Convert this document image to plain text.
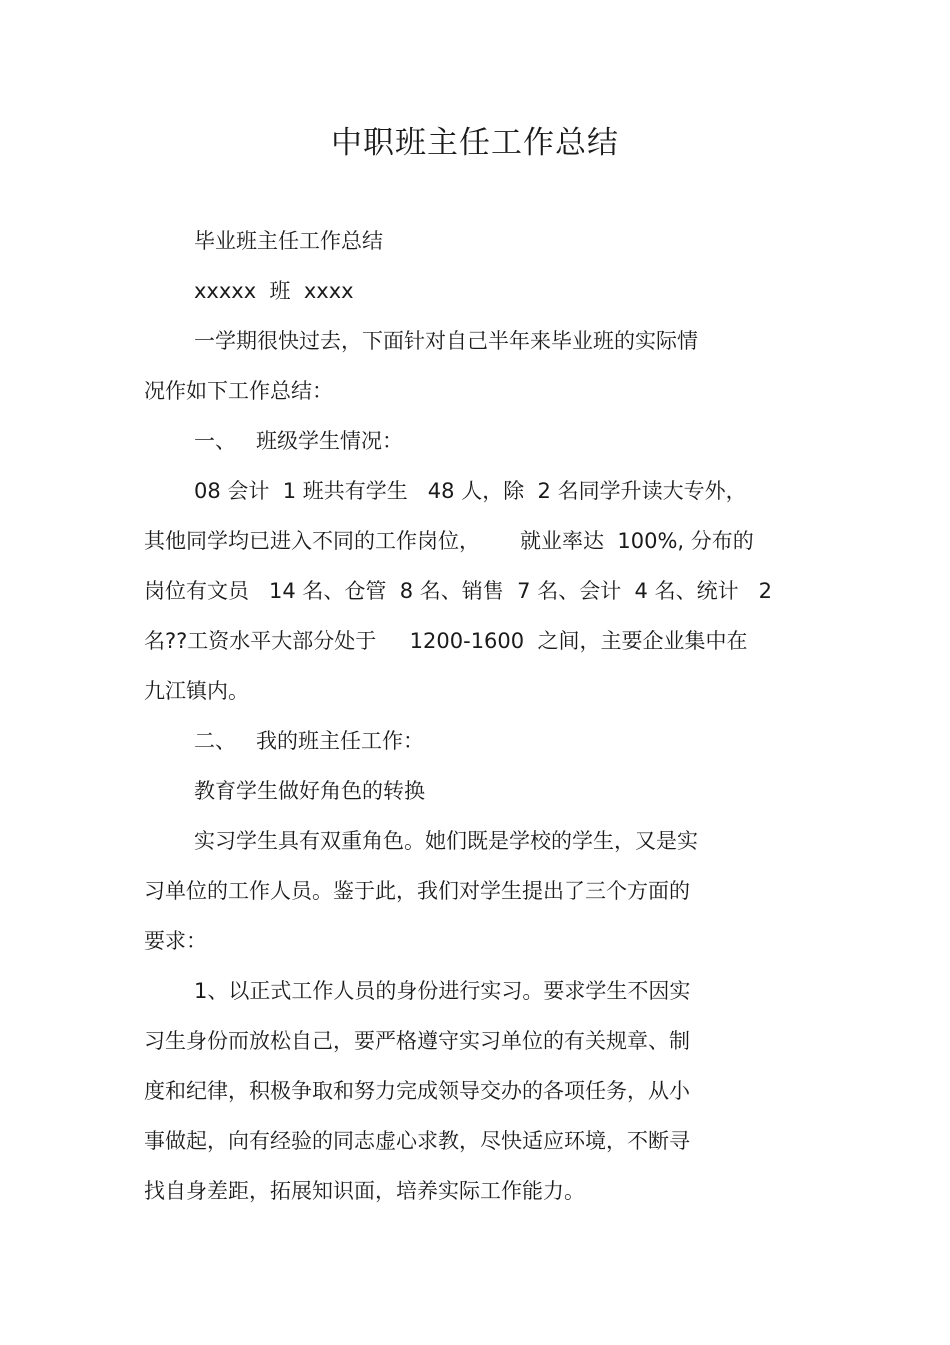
中职班主任工作总结
毕业班主任工作总结
xxxxx  班  xxxx
一学期很快过去，下面针对自己半年来毕业班的实际情
况作如下工作总结：
一、   班级学生情况：
08 会计  1 班共有学生   48 人，除  2 名同学升读大专外，
其他同学均已进入不同的工作岗位，      就业率达  100%, 分布的
岗位有文员   14 名、仓管  8 名、销售  7 名、会计  4 名、统计   2
名??工资水平大部分处于     1200-1600  之间，主要企业集中在
九江镇内。
二、   我的班主任工作：
教育学生做好角色的转换
实习学生具有双重角色。她们既是学校的学生，又是实
习单位的工作人员。鉴于此，我们对学生提出了三个方面的
要求：
1、以正式工作人员的身份进行实习。要求学生不因实
习生身份而放松自己，要严格遵守实习单位的有关规章、制
度和纪律，积极争取和努力完成领导交办的各项任务，从小
事做起，向有经验的同志虚心求教，尽快适应环境，不断寻
找自身差距，拓展知识面，培养实际工作能力。
